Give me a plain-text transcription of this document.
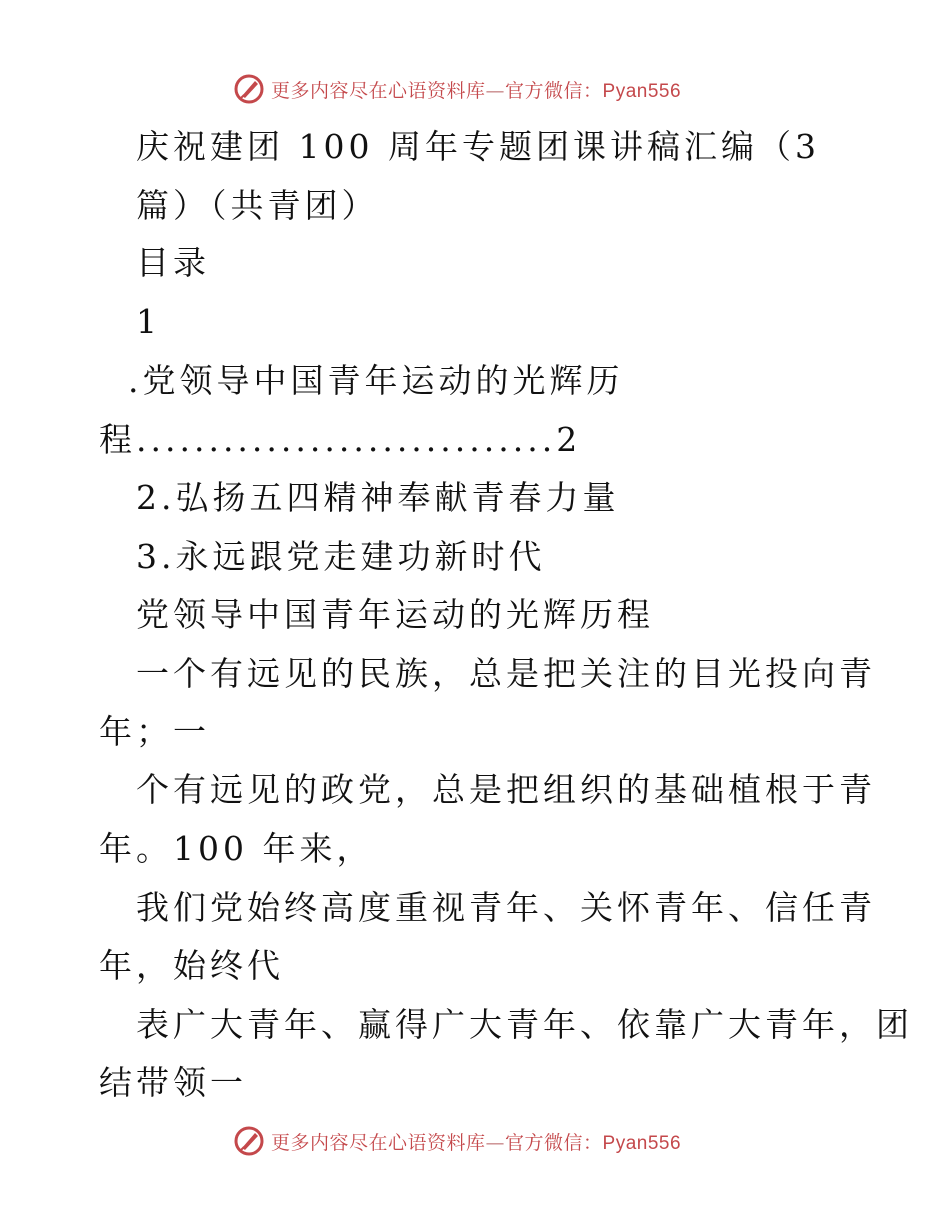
更多内容尽在心语资料库—官方微信：Pyan556
庆祝建团 100 周年专题团课讲稿汇编（3
篇）（共青团）
目录
1
.党领导中国青年运动的光辉历
程.............................2
2.弘扬五四精神奉献青春力量
3.永远跟党走建功新时代
党领导中国青年运动的光辉历程
一个有远见的民族，总是把关注的目光投向青
年；一
个有远见的政党，总是把组织的基础植根于青
年。100 年来，
我们党始终高度重视青年、关怀青年、信任青
年，始终代
表广大青年、赢得广大青年、依靠广大青年，团
结带领一
更多内容尽在心语资料库—官方微信：Pyan556
